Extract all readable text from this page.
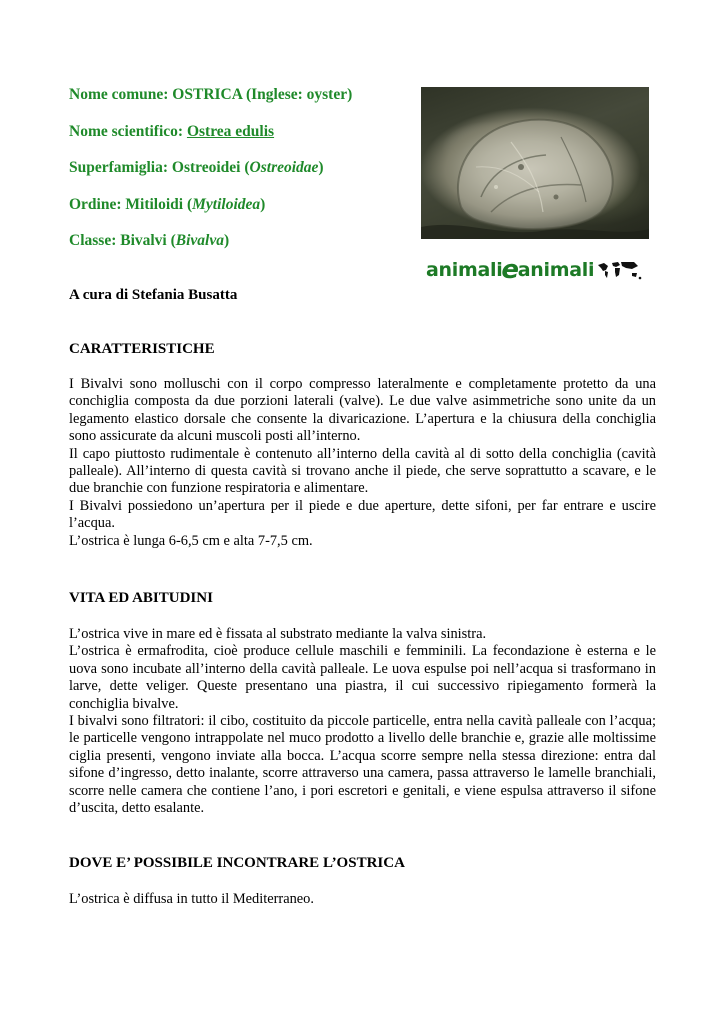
Nome comune: OSTRICA (Inglese: oyster)
Nome scientifico: Ostrea edulis
Superfamiglia: Ostreoidei (Ostreoidae)
Ordine: Mitiloidi (Mytiloidea)
Classe: Bivalvi (Bivalva)
animali e animali
A cura di Stefania Busatta
CARATTERISTICHE

I Bivalvi sono molluschi con il corpo compresso lateralmente e completamente protetto da una conchiglia composta da due porzioni laterali (valve). Le due valve asimmetriche sono unite da un legamento elastico dorsale che consente la divaricazione. L’apertura e la chiusura della conchiglia sono assicurate da alcuni muscoli posti all’interno.

Il capo piuttosto rudimentale è contenuto all’interno della cavità al di sotto della conchiglia (cavità palleale). All’interno di questa cavità si trovano anche il piede, che serve soprattutto a scavare, e le due branchie con funzione respiratoria e alimentare.

I Bivalvi possiedono un’apertura per il piede e due aperture, dette sifoni, per far entrare e uscire l’acqua.

L’ostrica è lunga 6-6,5 cm e alta 7-7,5 cm.

VITA ED ABITUDINI

L’ostrica vive in mare ed è fissata al substrato mediante la valva sinistra.

L’ostrica è ermafrodita, cioè produce cellule maschili e femminili. La fecondazione è esterna e le uova sono incubate all’interno della cavità palleale. Le uova espulse poi nell’acqua si trasformano in larve, dette veliger. Queste presentano una piastra, il cui successivo ripiegamento formerà la conchiglia bivalve.

I bivalvi sono filtratori: il cibo, costituito da piccole particelle, entra nella cavità palleale con l’acqua; le particelle vengono intrappolate nel muco prodotto a livello delle branchie e, grazie alle moltissime ciglia presenti, vengono inviate alla bocca. L’acqua scorre sempre nella stessa direzione: entra dal sifone d’ingresso, detto inalante, scorre attraverso una camera, passa attraverso le lamelle branchiali, scorre nelle camera che contiene l’ano, i pori escretori e genitali, e viene espulsa attraverso il sifone d’uscita, detto esalante.

DOVE E’ POSSIBILE INCONTRARE L’OSTRICA
L’ostrica è diffusa in tutto il Mediterraneo.
